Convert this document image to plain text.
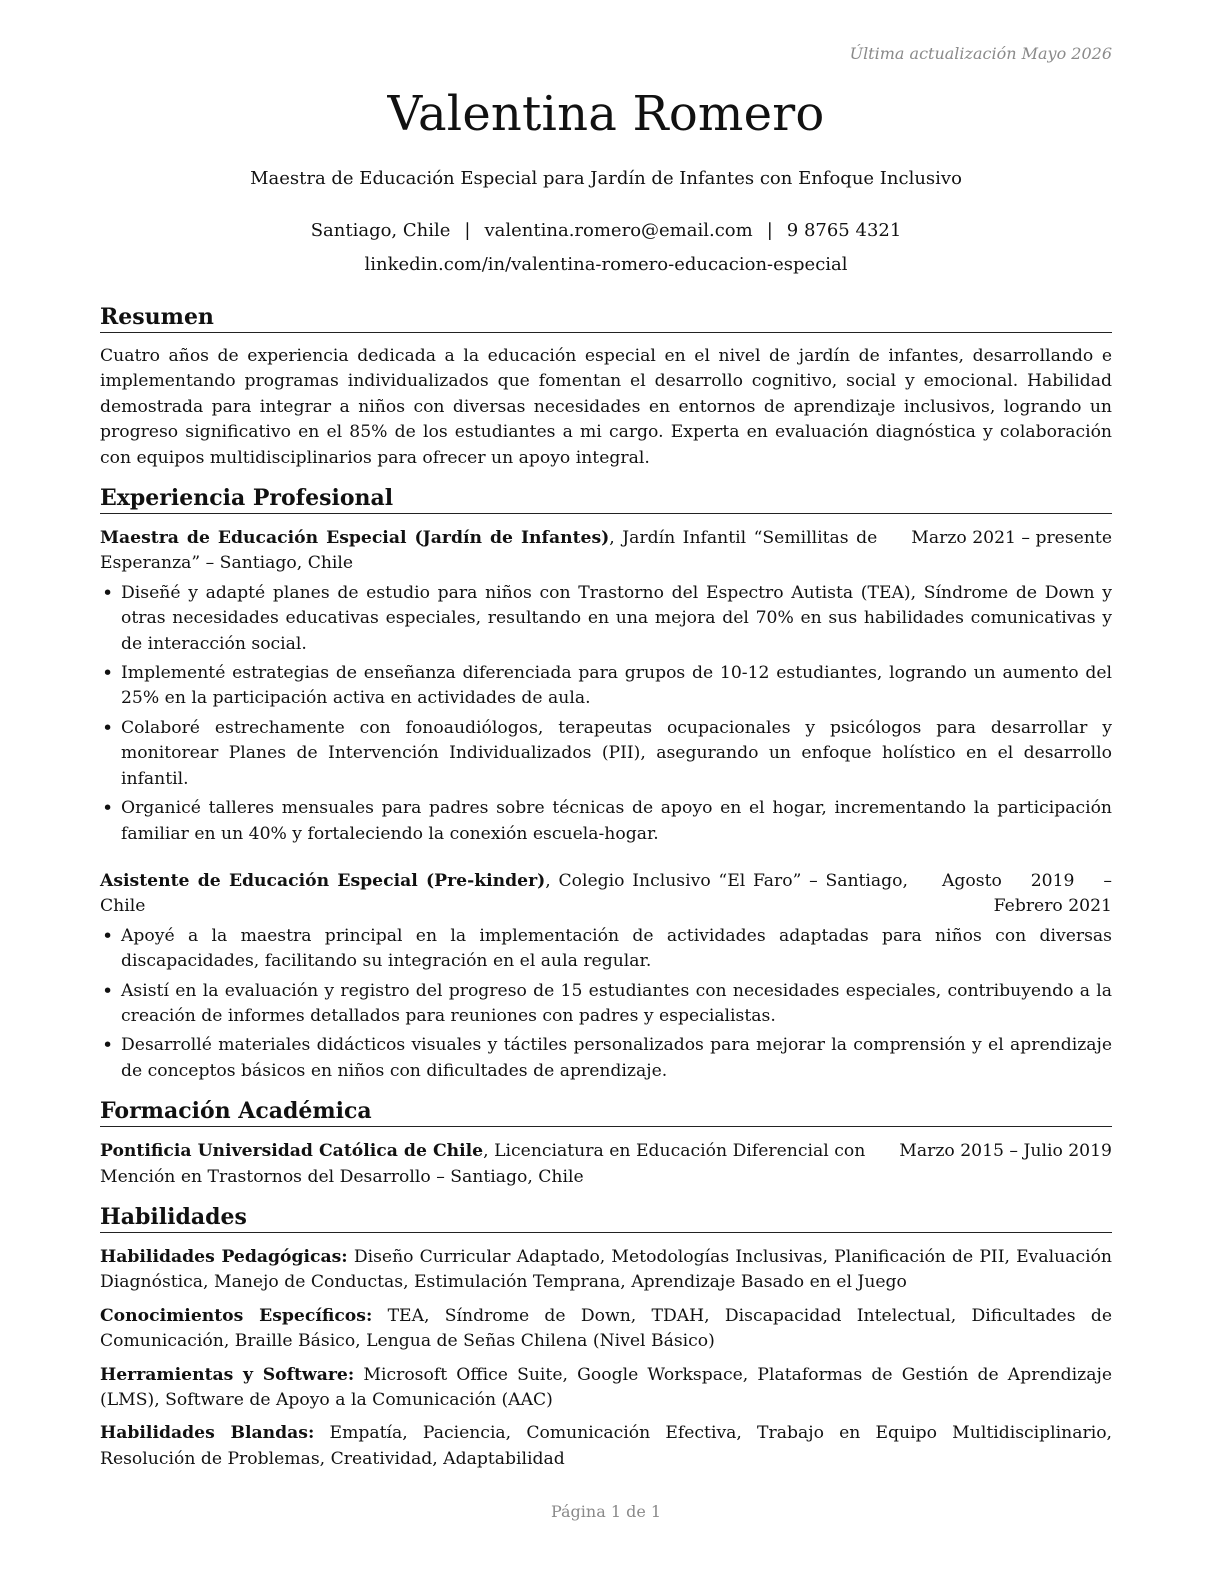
Última actualización Mayo 2026
Valentina Romero
Maestra de Educación Especial para Jardín de Infantes con Enfoque Inclusivo
Santiago, Chile | valentina.romero@email.com | 9 8765 4321
linkedin.com/in/valentina-romero-educacion-especial
Resumen
Cuatro años de experiencia dedicada a la educación especial en el nivel de jardín de infantes, desarrollando e implementando programas individualizados que fomentan el desarrollo cognitivo, social y emocional. Habilidad demostrada para integrar a niños con diversas necesidades en entornos de aprendizaje inclusivos, logrando un progreso significativo en el 85% de los estudiantes a mi cargo. Experta en evaluación diagnóstica y colaboración con equipos multidisciplinarios para ofrecer un apoyo integral.
Experiencia Profesional
Maestra de Educación Especial (Jardín de Infantes), Jardín Infantil “Semillitas de Esperanza” – Santiago, Chile
Marzo 2021 – presente
• Diseñé y adapté planes de estudio para niños con Trastorno del Espectro Autista (TEA), Síndrome de Down y otras necesidades educativas especiales, resultando en una mejora del 70% en sus habilidades comunicativas y de interacción social.
• Implementé estrategias de enseñanza diferenciada para grupos de 10-12 estudiantes, logrando un aumento del 25% en la participación activa en actividades de aula.
• Colaboré estrechamente con fonoaudiólogos, terapeutas ocupacionales y psicólogos para desarrollar y monitorear Planes de Intervención Individualizados (PII), asegurando un enfoque holístico en el desarrollo infantil.
• Organicé talleres mensuales para padres sobre técnicas de apoyo en el hogar, incrementando la participación familiar en un 40% y fortaleciendo la conexión escuela-hogar.
Asistente de Educación Especial (Pre-kinder), Colegio Inclusivo “El Faro” – Santiago, Chile
Agosto 2019 – Febrero 2021
• Apoyé a la maestra principal en la implementación de actividades adaptadas para niños con diversas discapacidades, facilitando su integración en el aula regular.
• Asistí en la evaluación y registro del progreso de 15 estudiantes con necesidades especiales, contribuyendo a la creación de informes detallados para reuniones con padres y especialistas.
• Desarrollé materiales didácticos visuales y táctiles personalizados para mejorar la comprensión y el aprendizaje de conceptos básicos en niños con dificultades de aprendizaje.
Formación Académica
Pontificia Universidad Católica de Chile, Licenciatura en Educación Diferencial con Mención en Trastornos del Desarrollo – Santiago, Chile
Marzo 2015 – Julio 2019
Habilidades
Habilidades Pedagógicas: Diseño Curricular Adaptado, Metodologías Inclusivas, Planificación de PII, Evaluación Diagnóstica, Manejo de Conductas, Estimulación Temprana, Aprendizaje Basado en el Juego
Conocimientos Específicos: TEA, Síndrome de Down, TDAH, Discapacidad Intelectual, Dificultades de Comunicación, Braille Básico, Lengua de Señas Chilena (Nivel Básico)
Herramientas y Software: Microsoft Office Suite, Google Workspace, Plataformas de Gestión de Aprendizaje (LMS), Software de Apoyo a la Comunicación (AAC)
Habilidades Blandas: Empatía, Paciencia, Comunicación Efectiva, Trabajo en Equipo Multidisciplinario, Resolución de Problemas, Creatividad, Adaptabilidad
Página 1 de 1
